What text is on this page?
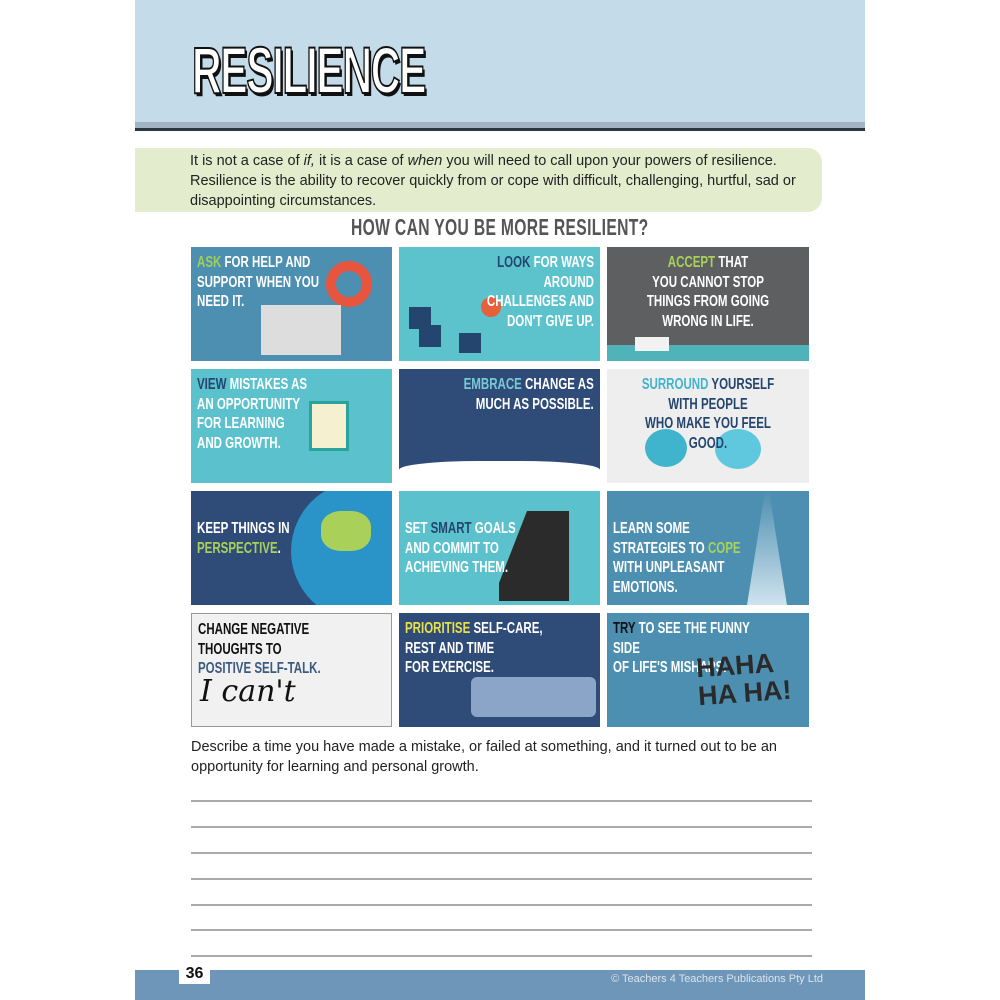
RESILIENCE
It is not a case of if, it is a case of when you will need to call upon your powers of resilience. Resilience is the ability to recover quickly from or cope with difficult, challenging, hurtful, sad or disappointing circumstances.
HOW CAN YOU BE MORE RESILIENT?
ASK FOR HELP AND
SUPPORT WHEN YOU
NEED IT.
LOOK FOR WAYS AROUND
CHALLENGES AND DON'T GIVE UP.
ACCEPT THAT
YOU CANNOT STOP
THINGS FROM GOING
WRONG IN LIFE.
VIEW MISTAKES AS
AN OPPORTUNITY
FOR LEARNING
AND GROWTH.
EMBRACE CHANGE AS
MUCH AS POSSIBLE.
SURROUND YOURSELF WITH PEOPLE
WHO MAKE YOU FEEL GOOD.
KEEP THINGS IN
PERSPECTIVE.
SET SMART GOALS
AND COMMIT TO
ACHIEVING THEM.
LEARN SOME
STRATEGIES TO COPE
WITH UNPLEASANT
EMOTIONS.
CHANGE NEGATIVE THOUGHTS TO
POSITIVE SELF-TALK.
I can't
PRIORITISE SELF-CARE,
REST AND TIME
FOR EXERCISE.
TRY TO SEE THE FUNNY SIDE
OF LIFE'S MISHAPS.
HAHA
HA HA!
Describe a time you have made a mistake, or failed at something, and it turned out to be an opportunity for learning and personal growth.
36	© Teachers 4 Teachers Publications Pty Ltd
